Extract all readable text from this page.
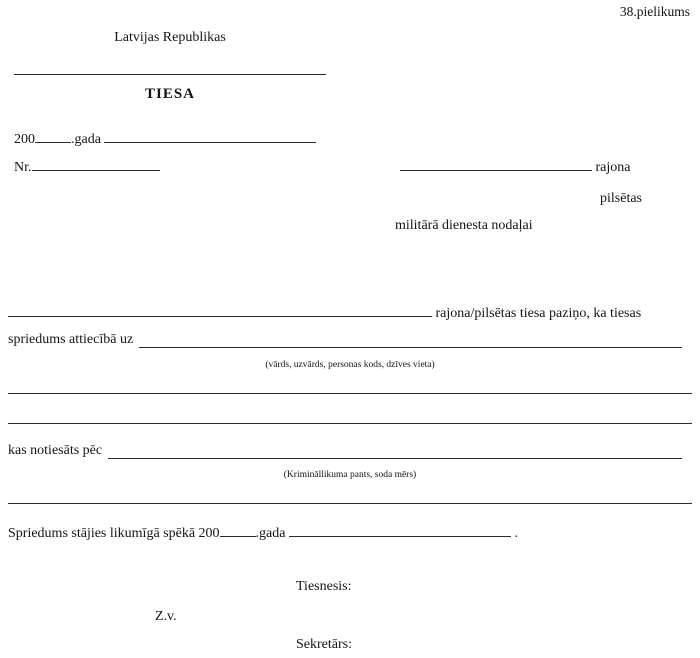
38.pielikums
Latvijas Republikas
TIESA
200	.gada
Nr.	rajona
pilsētas
militārā dienesta nodaļai
rajona/pilsētas tiesa paziņo, ka tiesas
spriedums attiecībā uz
(vārds, uzvārds, personas kods, dzīves vieta)
kas notiesāts pēc
(Krimināllikuma pants, soda mērs)
Spriedums stājies likumīgā spēkā 200	.gada	.
Tiesnesis:
Z.v.
Sekretārs:
